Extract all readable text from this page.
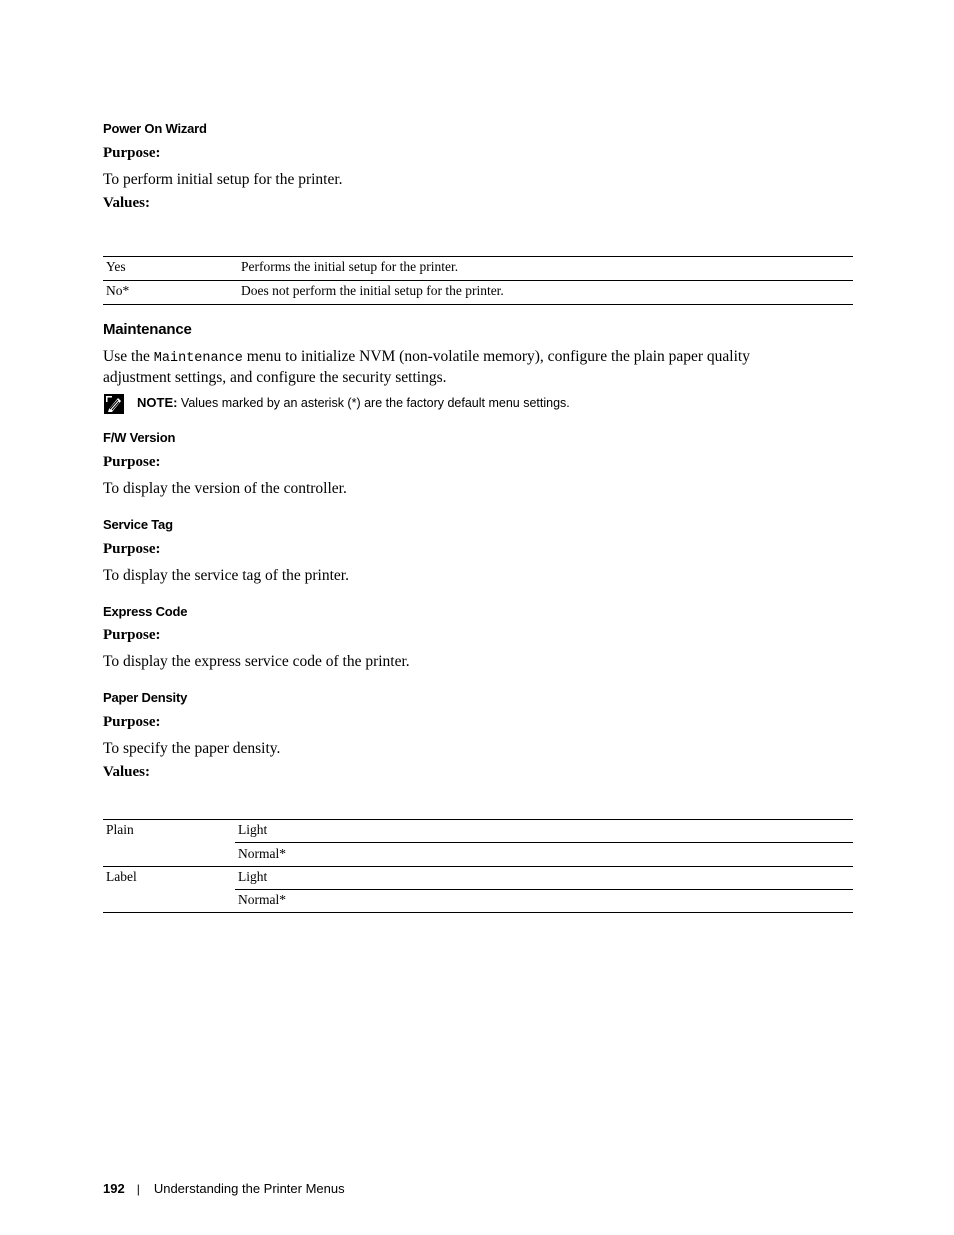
Power On Wizard
Purpose:
To perform initial setup for the printer.
Values:
Yes	Performs the initial setup for the printer.
No*	Does not perform the initial setup for the printer.
Maintenance
Use the Maintenance menu to initialize NVM (non-volatile memory), configure the plain paper quality
adjustment settings, and configure the security settings.
NOTE: Values marked by an asterisk (*) are the factory default menu settings.
F/W Version
Purpose:
To display the version of the controller.
Service Tag
Purpose:
To display the service tag of the printer.
Express Code
Purpose:
To display the express service code of the printer.
Paper Density
Purpose:
To specify the paper density.
Values:
Plain	Light
Normal*
Label	Light
Normal*
192 | Understanding the Printer Menus
